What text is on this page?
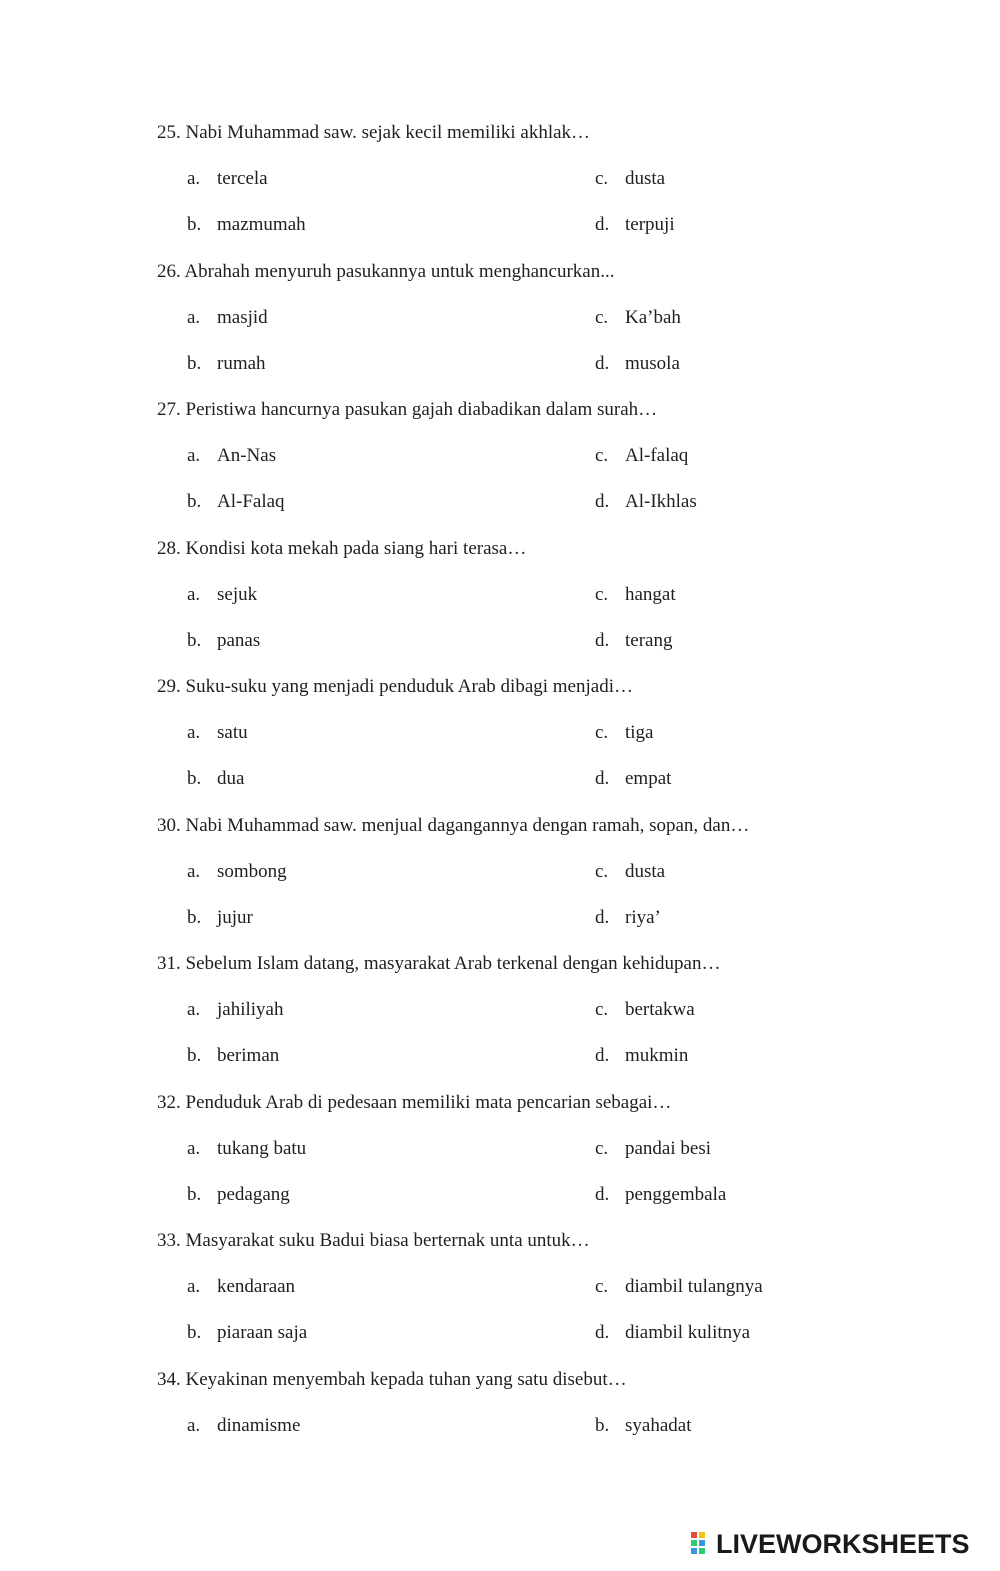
25. Nabi Muhammad saw. sejak kecil memiliki akhlak…
a. tercela	c. dusta
b. mazmumah	d. terpuji
26. Abrahah menyuruh pasukannya untuk menghancurkan...
a. masjid	c. Ka’bah
b. rumah	d. musola
27. Peristiwa hancurnya pasukan gajah diabadikan dalam surah…
a. An-Nas	c. Al-falaq
b. Al-Falaq	d. Al-Ikhlas
28. Kondisi kota mekah pada siang hari terasa…
a. sejuk	c. hangat
b. panas	d. terang
29. Suku-suku yang menjadi penduduk Arab dibagi menjadi…
a. satu	c. tiga
b. dua	d. empat
30. Nabi Muhammad saw. menjual dagangannya dengan ramah, sopan, dan…
a. sombong	c. dusta
b. jujur	d. riya’
31. Sebelum Islam datang, masyarakat Arab terkenal dengan kehidupan…
a. jahiliyah	c. bertakwa
b. beriman	d. mukmin
32. Penduduk Arab di pedesaan memiliki mata pencarian sebagai…
a. tukang batu	c. pandai besi
b. pedagang	d. penggembala
33. Masyarakat suku Badui biasa berternak unta untuk…
a. kendaraan	c. diambil tulangnya
b. piaraan saja	d. diambil kulitnya
34. Keyakinan menyembah kepada tuhan yang satu disebut…
a. dinamisme	b. syahadat
LIVEWORKSHEETS
